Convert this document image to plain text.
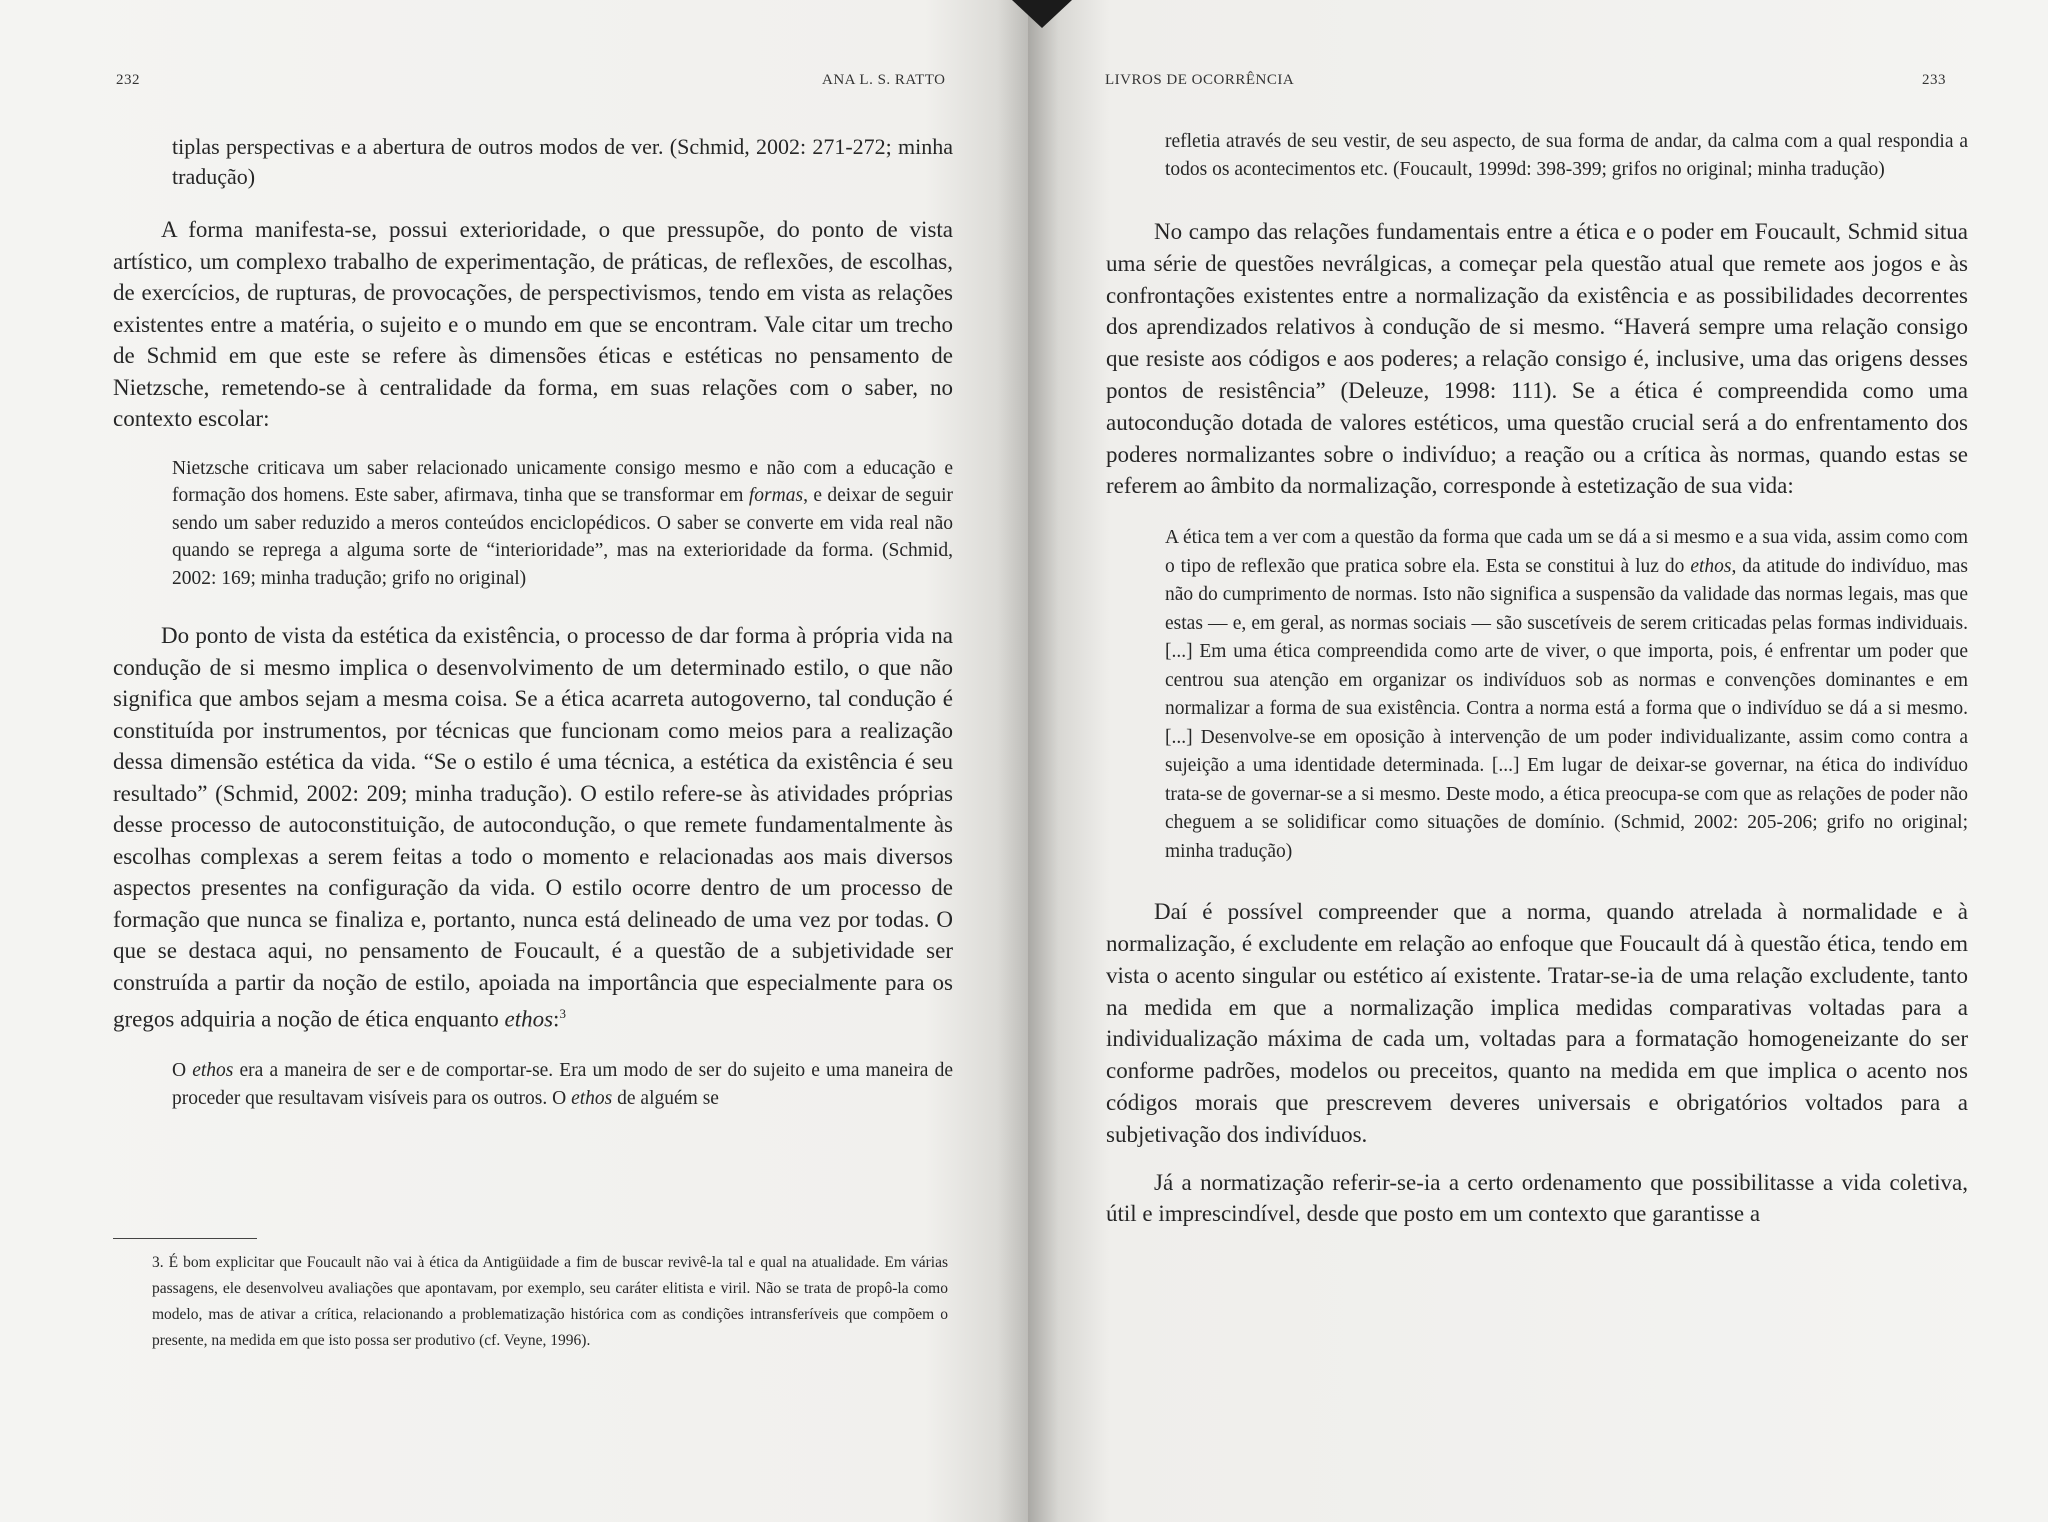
232	ANA L. S. RATTO

tiplas perspectivas e a abertura de outros modos de ver. (Schmid, 2002: 271-272; minha tradução)

A forma manifesta-se, possui exterioridade, o que pressupõe, do ponto de vista artístico, um complexo trabalho de experimentação, de práticas, de reflexões, de escolhas, de exercícios, de rupturas, de provocações, de perspectivismos, tendo em vista as relações existentes entre a matéria, o sujeito e o mundo em que se encontram. Vale citar um trecho de Schmid em que este se refere às dimensões éticas e estéticas no pensamento de Nietzsche, remetendo-se à centralidade da forma, em suas relações com o saber, no contexto escolar:

Nietzsche criticava um saber relacionado unicamente consigo mesmo e não com a educação e formação dos homens. Este saber, afirmava, tinha que se transformar em formas, e deixar de seguir sendo um saber reduzido a meros conteúdos enciclopédicos. O saber se converte em vida real não quando se reprega a alguma sorte de “interioridade”, mas na exterioridade da forma. (Schmid, 2002: 169; minha tradução; grifo no original)

Do ponto de vista da estética da existência, o processo de dar forma à própria vida na condução de si mesmo implica o desenvolvimento de um determinado estilo, o que não significa que ambos sejam a mesma coisa. Se a ética acarreta autogoverno, tal condução é constituída por instrumentos, por técnicas que funcionam como meios para a realização dessa dimensão estética da vida. “Se o estilo é uma técnica, a estética da existência é seu resultado” (Schmid, 2002: 209; minha tradução). O estilo refere-se às atividades próprias desse processo de autoconstituição, de autocondução, o que remete fundamentalmente às escolhas complexas a serem feitas a todo o momento e relacionadas aos mais diversos aspectos presentes na configuração da vida. O estilo ocorre dentro de um processo de formação que nunca se finaliza e, portanto, nunca está delineado de uma vez por todas. O que se destaca aqui, no pensamento de Foucault, é a questão de a subjetividade ser construída a partir da noção de estilo, apoiada na importância que especialmente para os gregos adquiria a noção de ética enquanto ethos:$^3$

O ethos era a maneira de ser e de comportar-se. Era um modo de ser do sujeito e uma maneira de proceder que resultavam visíveis para os outros. O ethos de alguém se

3. É bom explicitar que Foucault não vai à ética da Antigüidade a fim de buscar revivê-la tal e qual na atualidade. Em várias passagens, ele desenvolveu avaliações que apontavam, por exemplo, seu caráter elitista e viril. Não se trata de propô-la como modelo, mas de ativar a crítica, relacionando a problematização histórica com as condições intransferíveis que compõem o presente, na medida em que isto possa ser produtivo (cf. Veyne, 1996).
LIVROS DE OCORRÊNCIA	233

refletia através de seu vestir, de seu aspecto, de sua forma de andar, da calma com a qual respondia a todos os acontecimentos etc. (Foucault, 1999d: 398-399; grifos no original; minha tradução)

No campo das relações fundamentais entre a ética e o poder em Foucault, Schmid situa uma série de questões nevrálgicas, a começar pela questão atual que remete aos jogos e às confrontações existentes entre a normalização da existência e as possibilidades decorrentes dos aprendizados relativos à condução de si mesmo. “Haverá sempre uma relação consigo que resiste aos códigos e aos poderes; a relação consigo é, inclusive, uma das origens desses pontos de resistência” (Deleuze, 1998: 111). Se a ética é compreendida como uma autocondução dotada de valores estéticos, uma questão crucial será a do enfrentamento dos poderes normalizantes sobre o indivíduo; a reação ou a crítica às normas, quando estas se referem ao âmbito da normalização, corresponde à estetização de sua vida:

A ética tem a ver com a questão da forma que cada um se dá a si mesmo e a sua vida, assim como com o tipo de reflexão que pratica sobre ela. Esta se constitui à luz do ethos, da atitude do indivíduo, mas não do cumprimento de normas. Isto não significa a suspensão da validade das normas legais, mas que estas — e, em geral, as normas sociais — são suscetíveis de serem criticadas pelas formas individuais. [...] Em uma ética compreendida como arte de viver, o que importa, pois, é enfrentar um poder que centrou sua atenção em organizar os indivíduos sob as normas e convenções dominantes e em normalizar a forma de sua existência. Contra a norma está a forma que o indivíduo se dá a si mesmo. [...] Desenvolve-se em oposição à intervenção de um poder individualizante, assim como contra a sujeição a uma identidade determinada. [...] Em lugar de deixar-se governar, na ética do indivíduo trata-se de governar-se a si mesmo. Deste modo, a ética preocupa-se com que as relações de poder não cheguem a se solidificar como situações de domínio. (Schmid, 2002: 205-206; grifo no original; minha tradução)

Daí é possível compreender que a norma, quando atrelada à normalidade e à normalização, é excludente em relação ao enfoque que Foucault dá à questão ética, tendo em vista o acento singular ou estético aí existente. Tratar-se-ia de uma relação excludente, tanto na medida em que a normalização implica medidas comparativas voltadas para a individualização máxima de cada um, voltadas para a formatação homogeneizante do ser conforme padrões, modelos ou preceitos, quanto na medida em que implica o acento nos códigos morais que prescrevem deveres universais e obrigatórios voltados para a subjetivação dos indivíduos.

Já a normatização referir-se-ia a certo ordenamento que possibilitasse a vida coletiva, útil e imprescindível, desde que posto em um contexto que garantisse a
